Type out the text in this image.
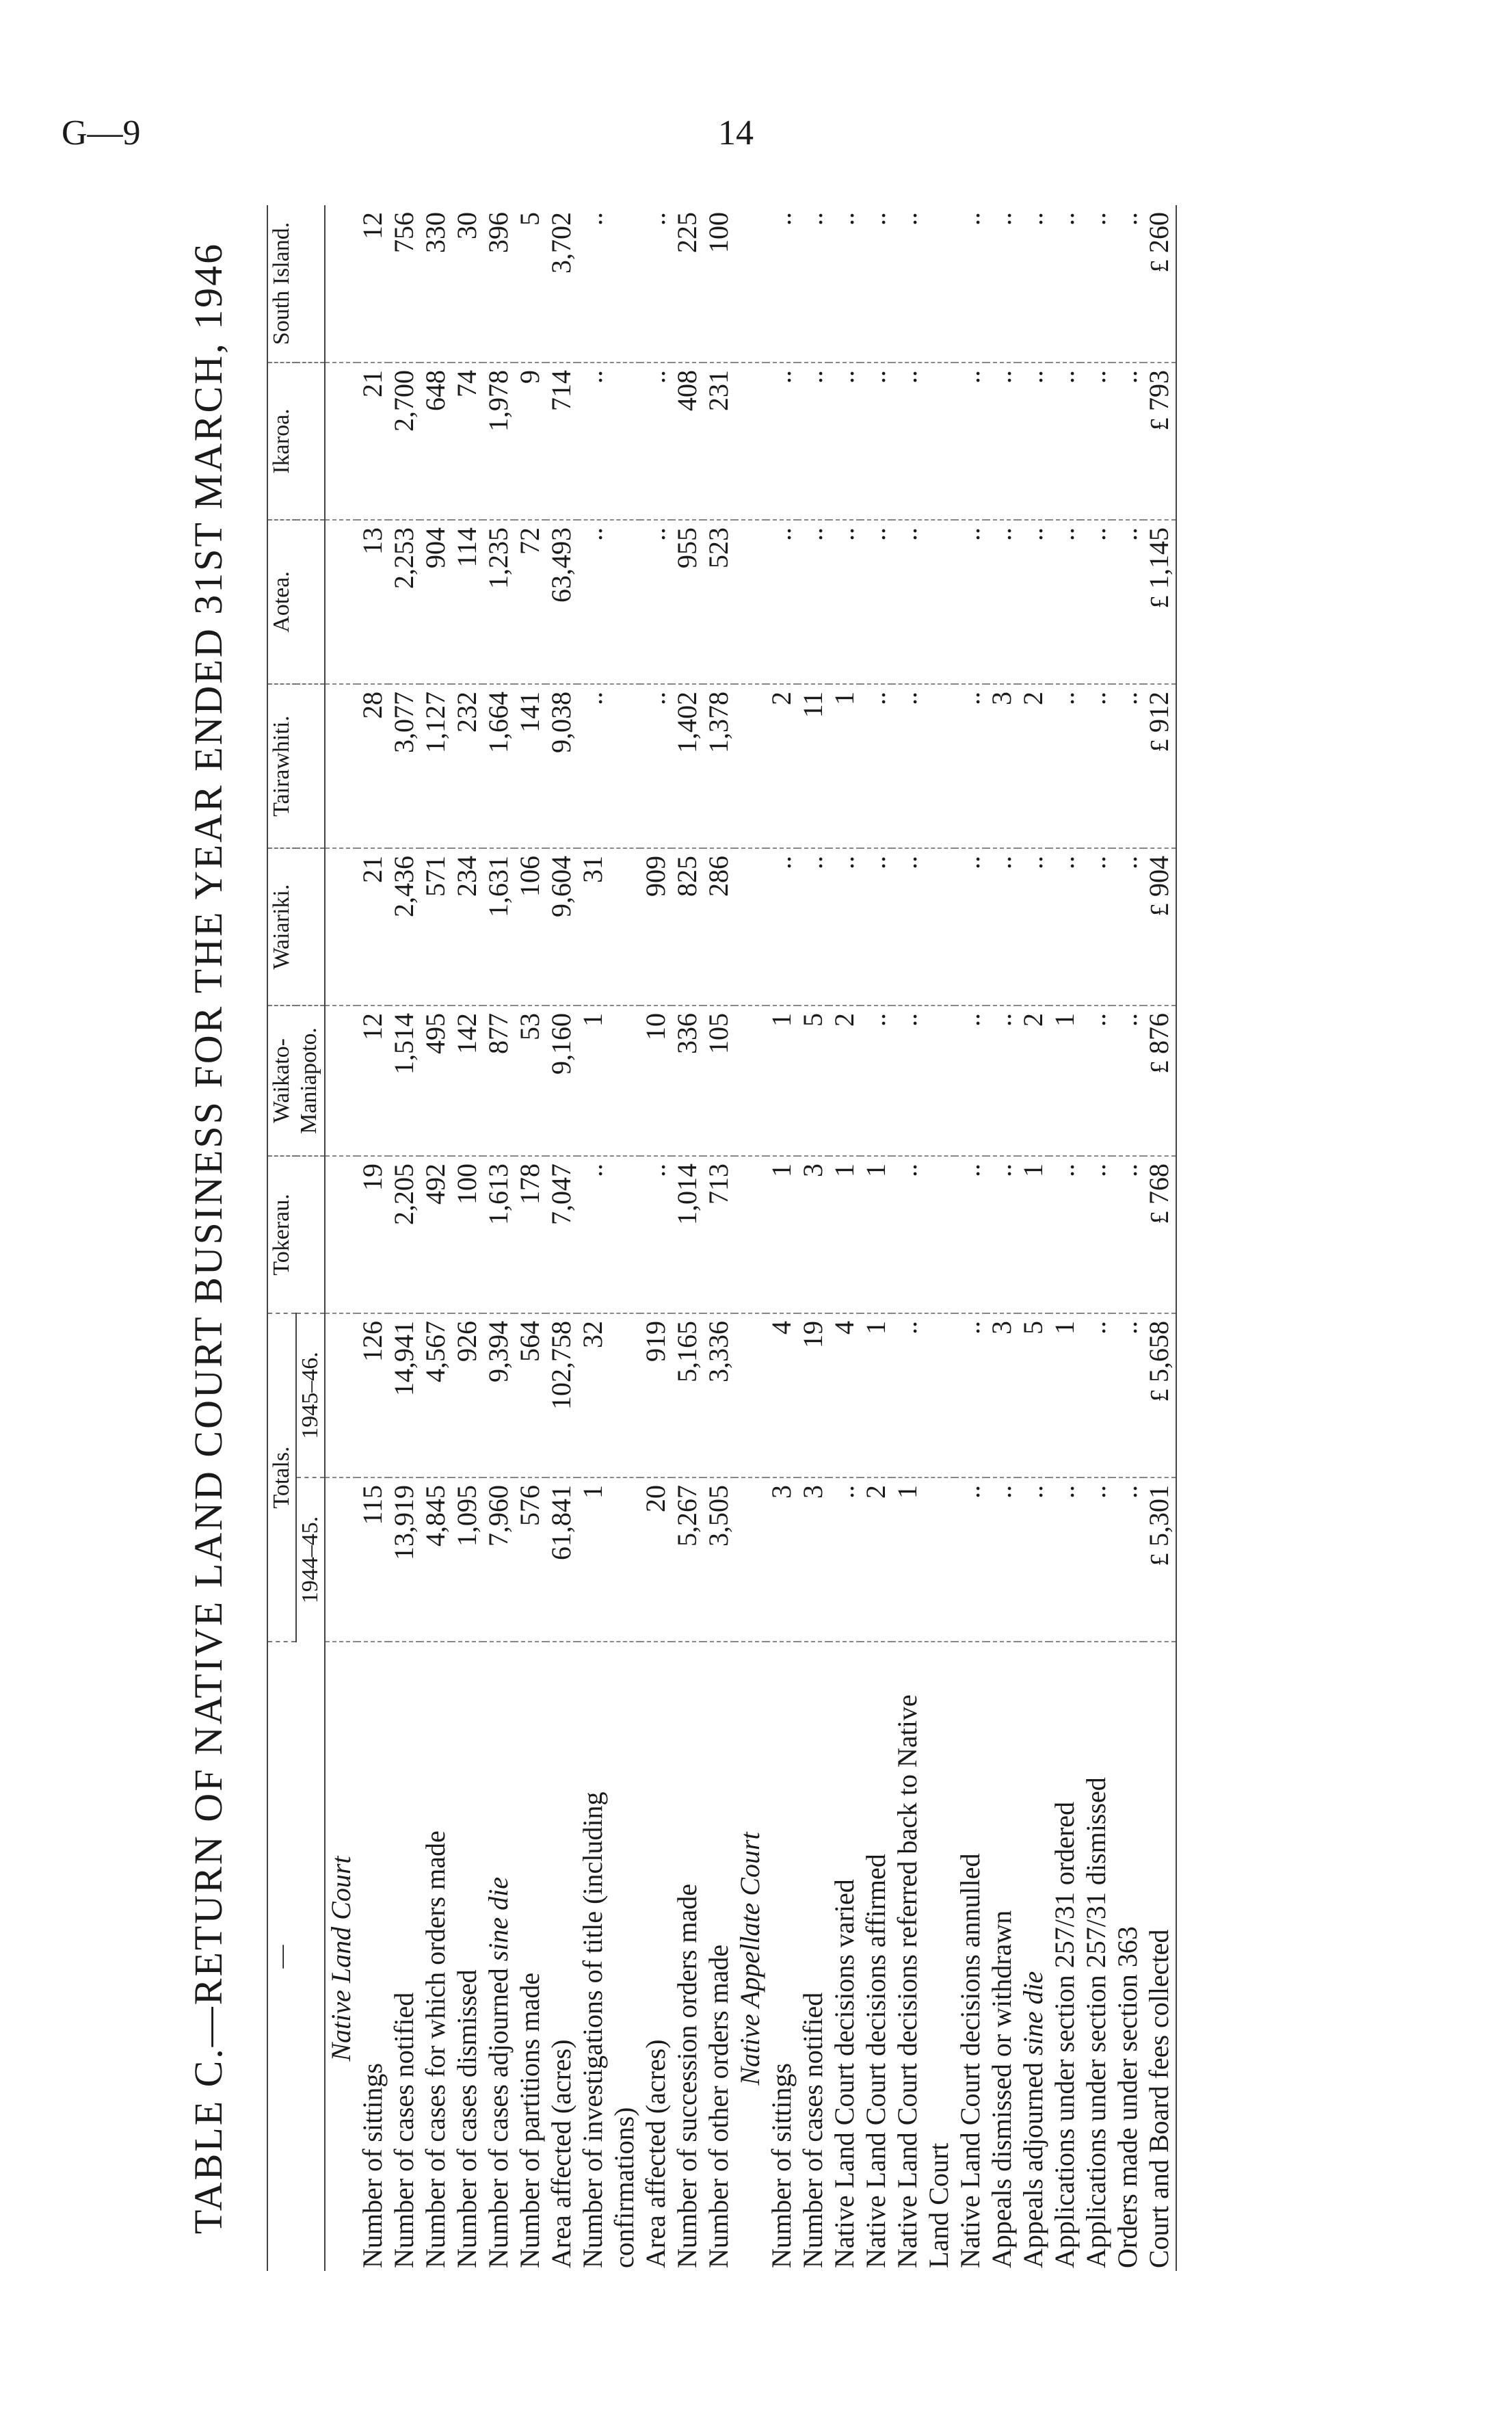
G—9	14
TABLE C.—RETURN OF NATIVE LAND COURT BUSINESS FOR THE YEAR ENDED 31ST MARCH, 1946	—	Totals.		Tokerau.	Waikato-Maniapoto.	Waiariki.	Tairawhiti.	Aotea.	Ikaroa.	South Island.
	1944–45.	1945–46.							
Native Land Court									
Number of sittings	115	126	19	12	21	28	13	21	12
Number of cases notified	13,919	14,941	2,205	1,514	2,436	3,077	2,253	2,700	756
Number of cases for which orders made	4,845	4,567	492	495	571	1,127	904	648	330
Number of cases dismissed	1,095	926	100	142	234	232	114	74	30
Number of cases adjourned sine die	7,960	9,394	1,613	877	1,631	1,664	1,235	1,978	396
Number of partitions made	576	564	178	53	106	141	72	9	5
Area affected (acres)	61,841	102,758	7,047	9,160	9,604	9,038	63,493	714	3,702
Number of investigations of title (including confirmations)	1	32	..	1	31	..	..	..	..
Area affected (acres)	20	919	..	10	909	..	..	..	..
Number of succession orders made	5,267	5,165	1,014	336	825	1,402	955	408	225
Number of other orders made	3,505	3,336	713	105	286	1,378	523	231	100
Native Appellate Court									
Number of sittings	3	4	1	1	..	2	..	..	..
Number of cases notified	3	19	3	5	..	11	..	..	..
Native Land Court decisions varied	..	4	1	2	..	1	..	..	..
Native Land Court decisions affirmed	2	1	1	..	..	..	..	..	..
Native Land Court decisions referred back to Native Land Court	1	..	..	..	..	..	..	..	..
Native Land Court decisions annulled	..	..	..	..	..	..	..	..	..
Appeals dismissed or withdrawn	..	3	..	..	..	3	..	..	..
Appeals adjourned sine die	..	5	1	2	..	2	..	..	..
Applications under section 257/31 ordered	..	1	..	1	..	..	..	..	..
Applications under section 257/31 dismissed	..	..	..	..	..	..	..	..	..
Orders made under section 363	..	..	..	..	..	..	..	..	..
Court and Board fees collected	£ 5,301	£ 5,658	£ 768	£ 876	£ 904	£ 912	£ 1,145	£ 793	£ 260
